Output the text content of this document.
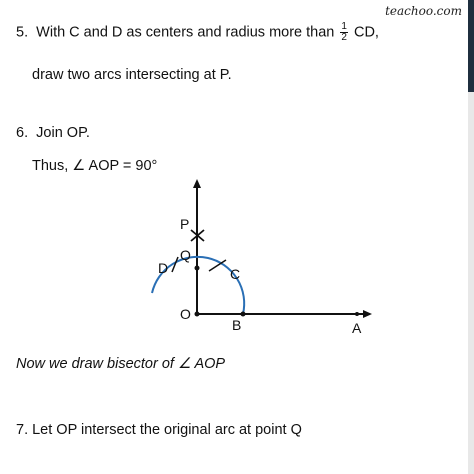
teachoo.com
5. With C and D as centers and radius more than $\frac{1}{2}$ CD,
draw two arcs intersecting at P.
6. Join OP.
Thus, ∠ AOP = 90°
P
Q
D	C
O
B	A
Now we draw bisector of ∠ AOP
7. Let OP intersect the original arc at point Q
